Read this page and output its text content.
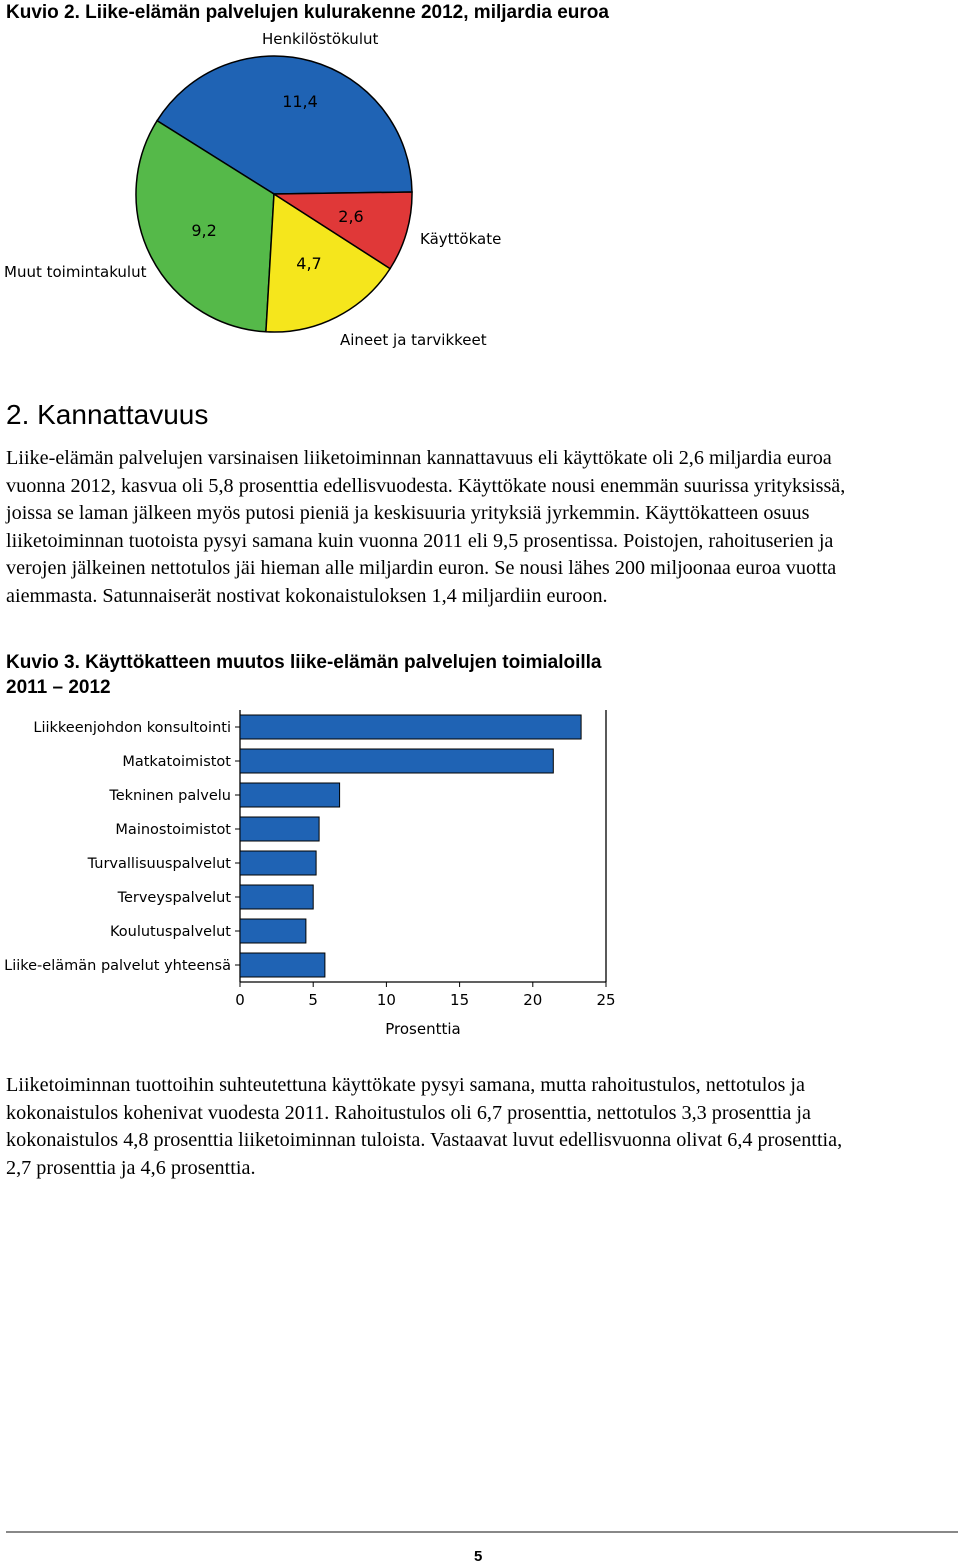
Kuvio 2. Liike-elämän palvelujen kulurakenne 2012, miljardia euroa
11,4
2,6
4,7
9,2
Henkilöstökulut
Käyttökate
Aineet ja tarvikkeet
Muut toimintakulut
2. Kannattavuus
Liike-elämän palvelujen varsinaisen liiketoiminnan kannattavuus eli käyttökate oli 2,6 miljardia euroa
vuonna 2012, kasvua oli 5,8 prosenttia edellisvuodesta. Käyttökate nousi enemmän suurissa yrityksissä,
joissa se laman jälkeen myös putosi pieniä ja keskisuuria yrityksiä jyrkemmin. Käyttökatteen osuus
liiketoiminnan tuotoista pysyi samana kuin vuonna 2011 eli 9,5 prosentissa. Poistojen, rahoituserien ja
verojen jälkeinen nettotulos jäi hieman alle miljardin euron. Se nousi lähes 200 miljoonaa euroa vuotta
aiemmasta. Satunnaiserät nostivat kokonaistuloksen 1,4 miljardiin euroon.
Kuvio 3. Käyttökatteen muutos liike-elämän palvelujen toimialoilla
2011 – 2012
Liikkeenjohdon konsultointi
Matkatoimistot
Tekninen palvelu
Mainostoimistot
Turvallisuuspalvelut
Terveyspalvelut
Koulutuspalvelut
Liike-elämän palvelut yhteensä
0	5	10	15	20	25
Prosenttia
Liiketoiminnan tuottoihin suhteutettuna käyttökate pysyi samana, mutta rahoitustulos, nettotulos ja
kokonaistulos kohenivat vuodesta 2011. Rahoitustulos oli 6,7 prosenttia, nettotulos 3,3 prosenttia ja
kokonaistulos 4,8 prosenttia liiketoiminnan tuloista. Vastaavat luvut edellisvuonna olivat 6,4 prosenttia,
2,7 prosenttia ja 4,6 prosenttia.
5
